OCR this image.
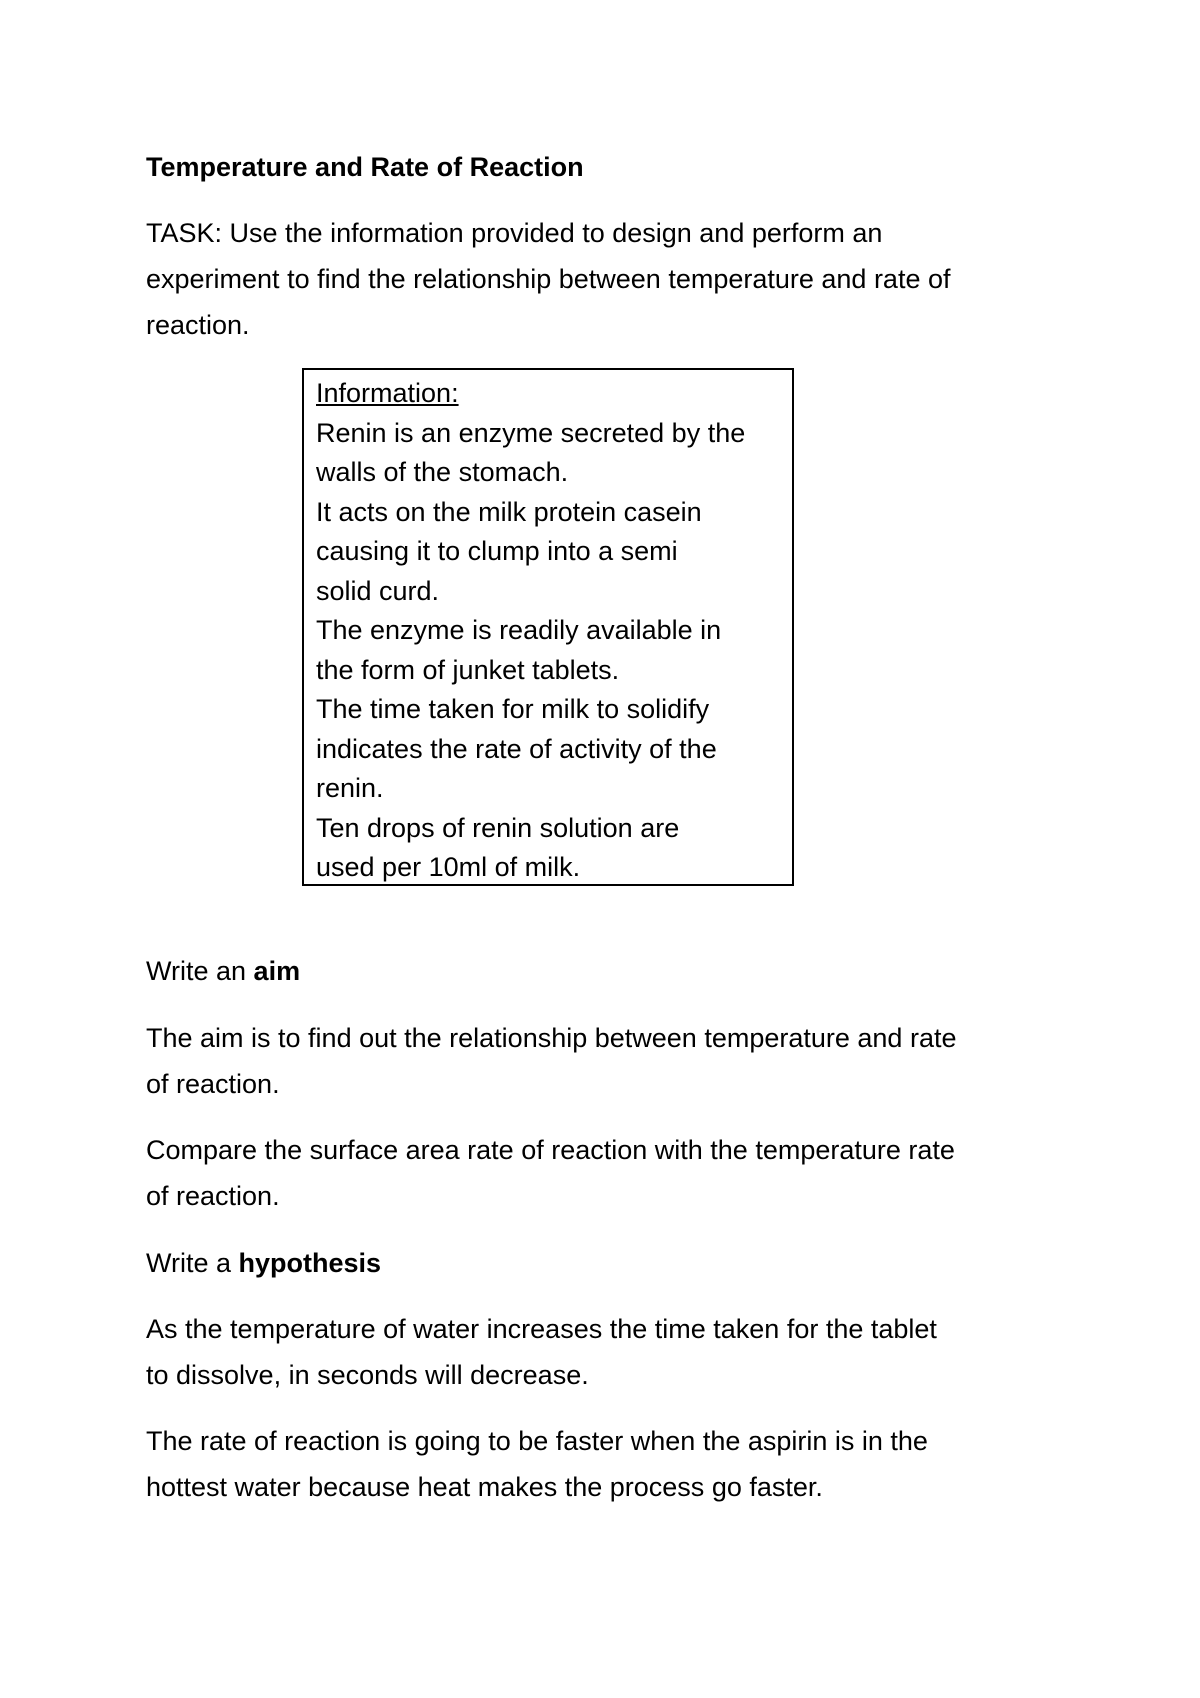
Temperature and Rate of Reaction

TASK: Use the information provided to design and perform an

experiment to find the relationship between temperature and rate of

reaction.

Information:

Renin is an enzyme secreted by the

walls of the stomach.

It acts on the milk protein casein

causing it to clump into a semi

solid curd.

The enzyme is readily available in

the form of junket tablets.

The time taken for milk to solidify

indicates the rate of activity of the

renin.

Ten drops of renin solution are

used per 10ml of milk.

Write an aim

The aim is to find out the relationship between temperature and rate

of reaction.

Compare the surface area rate of reaction with the temperature rate

of reaction.

Write a hypothesis

As the temperature of water increases the time taken for the tablet

to dissolve, in seconds will decrease.

The rate of reaction is going to be faster when the aspirin is in the

hottest water because heat makes the process go faster.
